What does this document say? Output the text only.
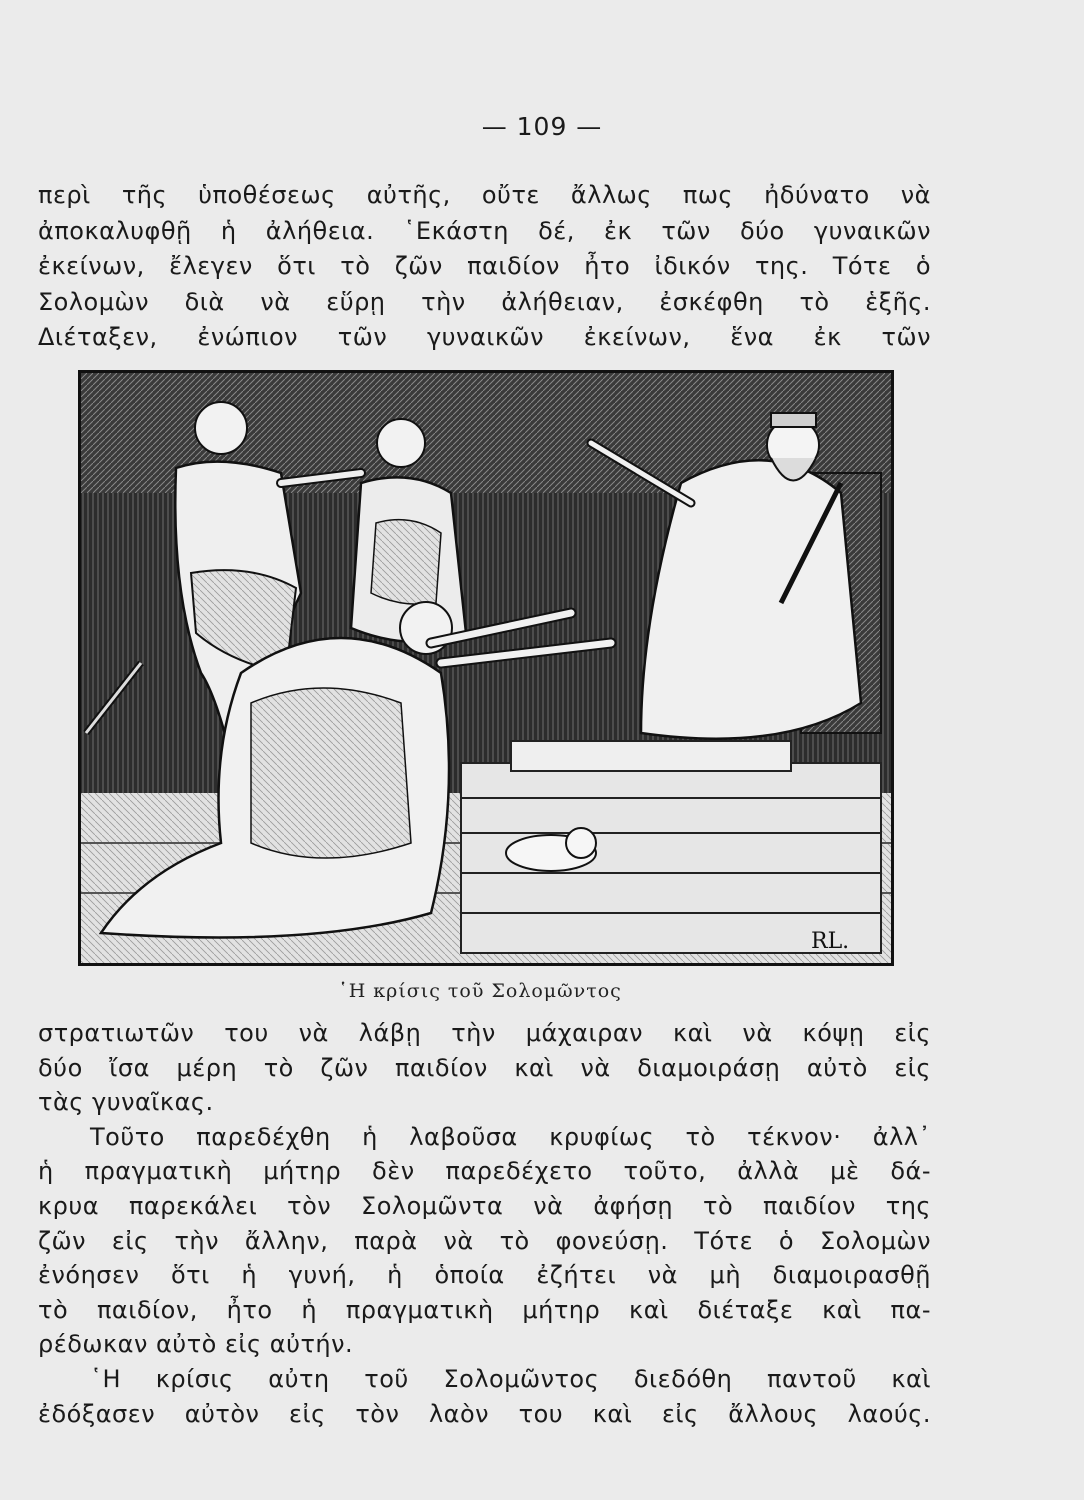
— 109 —
περὶ τῆς ὑποθέσεως αὐτῆς, οὔτε ἄλλως πως ἠδύνατο νὰ
ἀποκαλυφθῇ ἡ ἀλήθεια. ῾Εκάστη δέ, ἐκ τῶν δύο γυναικῶν
ἐκείνων, ἔλεγεν ὅτι τὸ ζῶν παιδίον ἦτο ἰδικόν της. Τότε ὁ
Σολομὼν διὰ νὰ εὕρῃ τὴν ἀλήθειαν, ἐσκέφθη τὸ ἑξῆς.
Διέταξεν, ἐνώπιον τῶν γυναικῶν ἐκείνων, ἕνα ἐκ τῶν
RL.
῾Η κρίσις τοῦ Σολομῶντος
στρατιωτῶν του νὰ λάβῃ τὴν μάχαιραν καὶ νὰ κόψῃ εἰς
δύο ἴσα μέρη τὸ ζῶν παιδίον καὶ νὰ διαμοιράσῃ αὐτὸ εἰς
τὰς γυναῖκας.
Τοῦτο παρεδέχθη ἡ λαβοῦσα κρυφίως τὸ τέκνον· ἀλλ᾿
ἡ πραγματικὴ μήτηρ δὲν παρεδέχετο τοῦτο, ἀλλὰ μὲ δά-
κρυα παρεκάλει τὸν Σολομῶντα νὰ ἀφήσῃ τὸ παιδίον της
ζῶν εἰς τὴν ἄλλην, παρὰ νὰ τὸ φονεύσῃ. Τότε ὁ Σολομὼν
ἐνόησεν ὅτι ἡ γυνή, ἡ ὁποία ἐζήτει νὰ μὴ διαμοιρασθῇ
τὸ παιδίον, ἦτο ἡ πραγματικὴ μήτηρ καὶ διέταξε καὶ πα-
ρέδωκαν αὐτὸ εἰς αὐτήν.
῾Η κρίσις αὐτη τοῦ Σολομῶντος διεδόθη παντοῦ καὶ
ἐδόξασεν αὐτὸν εἰς τὸν λαὸν του καὶ εἰς ἄλλους λαούς.
